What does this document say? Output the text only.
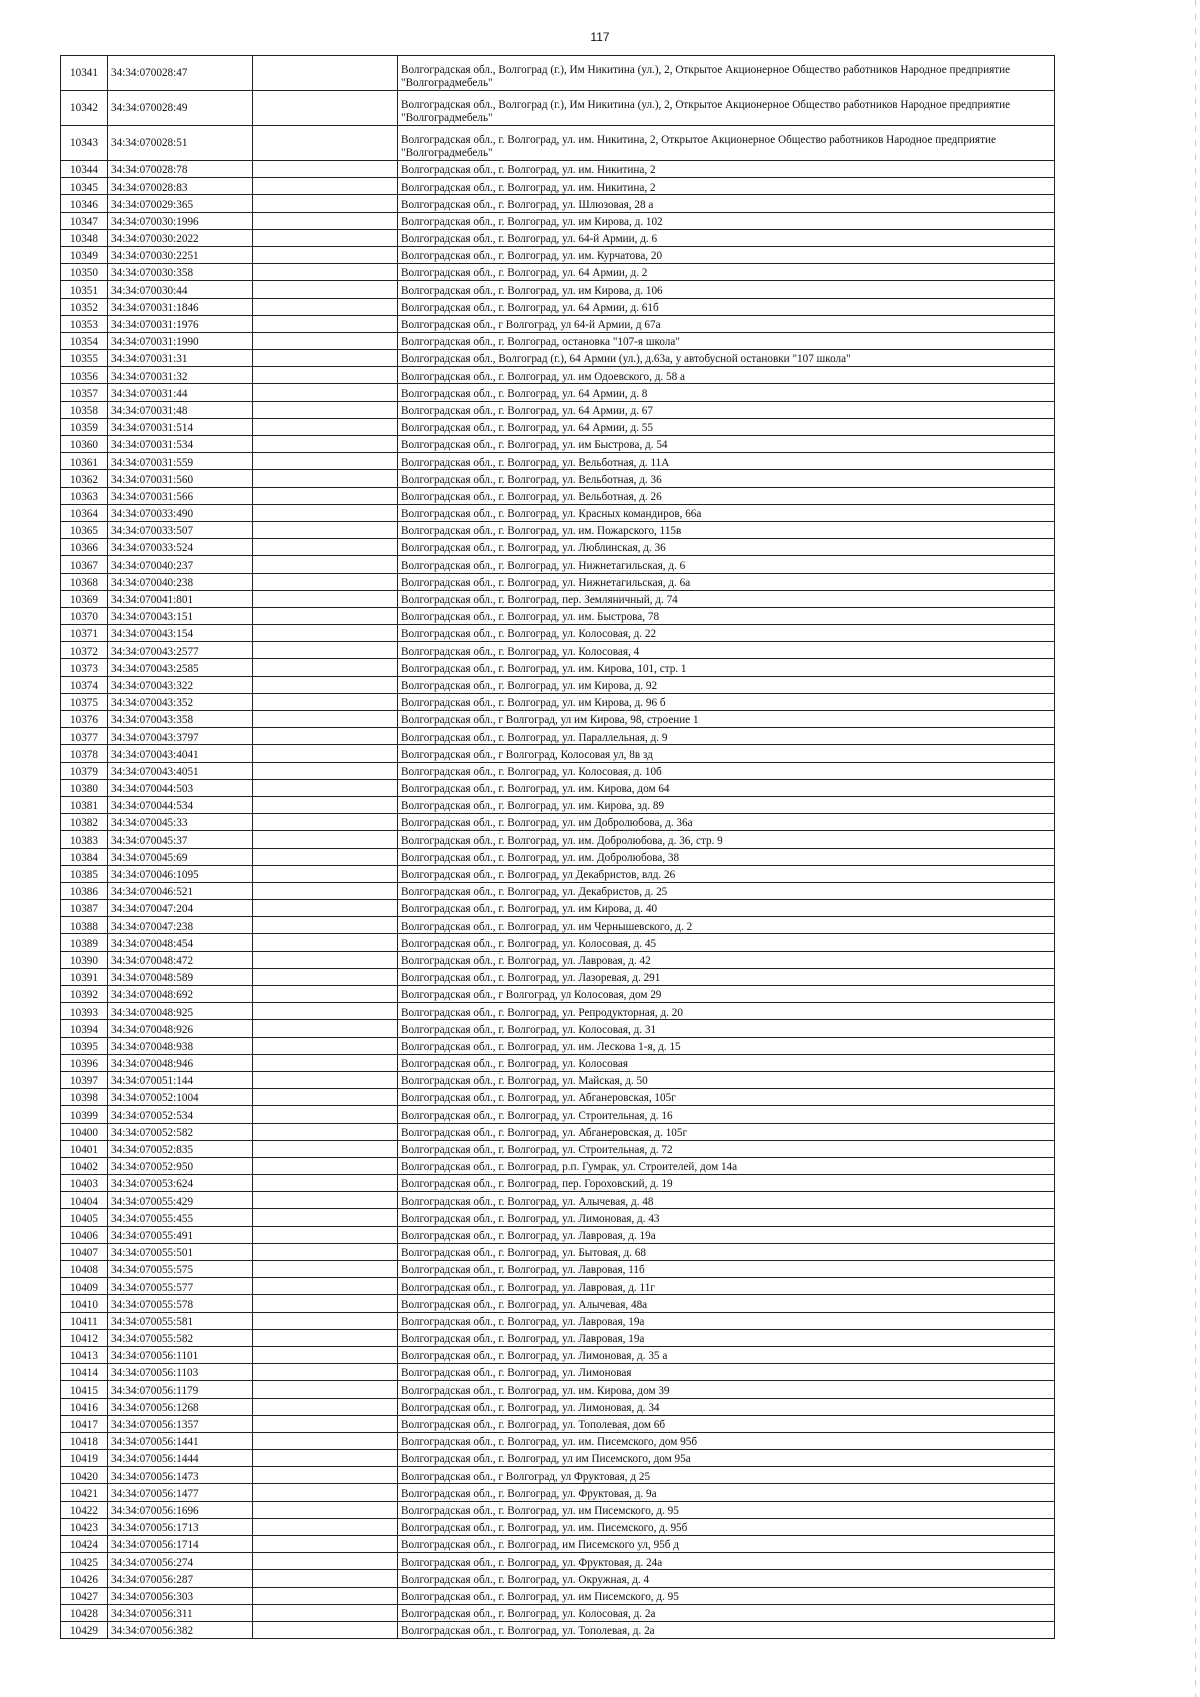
117
10341	34:34:070028:47		Волгоградская обл., Волгоград (г.), Им Никитина (ул.), 2, Открытое Акционерное Общество работников Народное предприятие "Волгоградмебель"
10342	34:34:070028:49		Волгоградская обл., Волгоград (г.), Им Никитина (ул.), 2, Открытое Акционерное Общество работников Народное предприятие "Волгоградмебель"
10343	34:34:070028:51		Волгоградская обл., г. Волгоград, ул. им. Никитина, 2, Открытое Акционерное Общество работников Народное предприятие "Волгоградмебель"
10344	34:34:070028:78		Волгоградская обл., г. Волгоград, ул. им. Никитина, 2
10345	34:34:070028:83		Волгоградская обл., г. Волгоград, ул. им. Никитина, 2
10346	34:34:070029:365		Волгоградская обл., г. Волгоград, ул. Шлюзовая, 28 а
10347	34:34:070030:1996		Волгоградская обл., г. Волгоград, ул. им Кирова, д. 102
10348	34:34:070030:2022		Волгоградская обл., г. Волгоград, ул. 64-й Армии, д. 6
10349	34:34:070030:2251		Волгоградская обл., г. Волгоград, ул. им. Курчатова, 20
10350	34:34:070030:358		Волгоградская обл., г. Волгоград, ул. 64 Армии, д. 2
10351	34:34:070030:44		Волгоградская обл., г. Волгоград, ул. им Кирова, д. 106
10352	34:34:070031:1846		Волгоградская обл., г. Волгоград, ул. 64 Армии, д. 61б
10353	34:34:070031:1976		Волгоградская обл., г Волгоград, ул 64-й Армии, д 67а
10354	34:34:070031:1990		Волгоградская обл., г. Волгоград, остановка "107-я школа"
10355	34:34:070031:31		Волгоградская обл., Волгоград (г.), 64 Армии (ул.), д.63а, у автобусной остановки "107 школа"
10356	34:34:070031:32		Волгоградская обл., г. Волгоград, ул. им Одоевского, д. 58 а
10357	34:34:070031:44		Волгоградская обл., г. Волгоград, ул. 64 Армии, д. 8
10358	34:34:070031:48		Волгоградская обл., г. Волгоград, ул. 64 Армии, д. 67
10359	34:34:070031:514		Волгоградская обл., г. Волгоград, ул. 64 Армии, д. 55
10360	34:34:070031:534		Волгоградская обл., г. Волгоград, ул. им Быстрова, д. 54
10361	34:34:070031:559		Волгоградская обл., г. Волгоград, ул. Вельботная, д. 11А
10362	34:34:070031:560		Волгоградская обл., г. Волгоград, ул. Вельботная, д. 36
10363	34:34:070031:566		Волгоградская обл., г. Волгоград, ул. Вельботная, д. 26
10364	34:34:070033:490		Волгоградская обл., г. Волгоград, ул. Красных командиров, 66а
10365	34:34:070033:507		Волгоградская обл., г. Волгоград, ул. им. Пожарского, 115в
10366	34:34:070033:524		Волгоградская обл., г. Волгоград, ул. Люблинская, д. 36
10367	34:34:070040:237		Волгоградская обл., г. Волгоград, ул. Нижнетагильская, д. 6
10368	34:34:070040:238		Волгоградская обл., г. Волгоград, ул. Нижнетагильская, д. 6а
10369	34:34:070041:801		Волгоградская обл., г. Волгоград, пер. Земляничный, д. 74
10370	34:34:070043:151		Волгоградская обл., г. Волгоград, ул. им. Быстрова, 78
10371	34:34:070043:154		Волгоградская обл., г. Волгоград, ул. Колосовая, д. 22
10372	34:34:070043:2577		Волгоградская обл., г. Волгоград, ул. Колосовая, 4
10373	34:34:070043:2585		Волгоградская обл., г. Волгоград, ул. им. Кирова, 101, стр. 1
10374	34:34:070043:322		Волгоградская обл., г. Волгоград, ул. им Кирова, д. 92
10375	34:34:070043:352		Волгоградская обл., г. Волгоград, ул. им Кирова, д. 96 б
10376	34:34:070043:358		Волгоградская обл., г Волгоград, ул им Кирова, 98, строение 1
10377	34:34:070043:3797		Волгоградская обл., г. Волгоград, ул. Параллельная, д. 9
10378	34:34:070043:4041		Волгоградская обл., г Волгоград, Колосовая ул, 8в зд
10379	34:34:070043:4051		Волгоградская обл., г. Волгоград, ул. Колосовая, д. 10б
10380	34:34:070044:503		Волгоградская обл., г. Волгоград, ул. им. Кирова, дом 64
10381	34:34:070044:534		Волгоградская обл., г. Волгоград, ул. им. Кирова, зд. 89
10382	34:34:070045:33		Волгоградская обл., г. Волгоград, ул. им Добролюбова, д. 36а
10383	34:34:070045:37		Волгоградская обл., г. Волгоград, ул. им. Добролюбова, д. 36, стр. 9
10384	34:34:070045:69		Волгоградская обл., г. Волгоград, ул. им. Добролюбова, 38
10385	34:34:070046:1095		Волгоградская обл., г. Волгоград, ул Декабристов, влд. 26
10386	34:34:070046:521		Волгоградская обл., г. Волгоград, ул. Декабристов, д. 25
10387	34:34:070047:204		Волгоградская обл., г. Волгоград, ул. им Кирова, д. 40
10388	34:34:070047:238		Волгоградская обл., г. Волгоград, ул. им Чернышевского, д. 2
10389	34:34:070048:454		Волгоградская обл., г. Волгоград, ул. Колосовая, д. 45
10390	34:34:070048:472		Волгоградская обл., г. Волгоград, ул. Лавровая, д. 42
10391	34:34:070048:589		Волгоградская обл., г. Волгоград, ул. Лазоревая, д. 291
10392	34:34:070048:692		Волгоградская обл., г Волгоград, ул Колосовая, дом 29
10393	34:34:070048:925		Волгоградская обл., г. Волгоград, ул. Репродукторная, д. 20
10394	34:34:070048:926		Волгоградская обл., г. Волгоград, ул. Колосовая, д. 31
10395	34:34:070048:938		Волгоградская обл., г. Волгоград, ул. им. Лескова 1-я, д. 15
10396	34:34:070048:946		Волгоградская обл., г. Волгоград, ул. Колосовая
10397	34:34:070051:144		Волгоградская обл., г. Волгоград, ул. Майская, д. 50
10398	34:34:070052:1004		Волгоградская обл., г. Волгоград, ул. Абганеровская, 105г
10399	34:34:070052:534		Волгоградская обл., г. Волгоград, ул. Строительная, д. 16
10400	34:34:070052:582		Волгоградская обл., г. Волгоград, ул. Абганеровская, д. 105г
10401	34:34:070052:835		Волгоградская обл., г. Волгоград, ул. Строительная, д. 72
10402	34:34:070052:950		Волгоградская обл., г. Волгоград, р.п. Гумрак, ул. Строителей, дом 14а
10403	34:34:070053:624		Волгоградская обл., г. Волгоград, пер. Гороховский, д. 19
10404	34:34:070055:429		Волгоградская обл., г. Волгоград, ул. Алычевая, д. 48
10405	34:34:070055:455		Волгоградская обл., г. Волгоград, ул. Лимоновая, д. 43
10406	34:34:070055:491		Волгоградская обл., г. Волгоград, ул. Лавровая, д. 19а
10407	34:34:070055:501		Волгоградская обл., г. Волгоград, ул. Бытовая, д. 68
10408	34:34:070055:575		Волгоградская обл., г. Волгоград, ул. Лавровая, 11б
10409	34:34:070055:577		Волгоградская обл., г. Волгоград, ул. Лавровая, д. 11г
10410	34:34:070055:578		Волгоградская обл., г. Волгоград, ул. Алычевая, 48а
10411	34:34:070055:581		Волгоградская обл., г. Волгоград, ул. Лавровая, 19а
10412	34:34:070055:582		Волгоградская обл., г. Волгоград, ул. Лавровая, 19а
10413	34:34:070056:1101		Волгоградская обл., г. Волгоград, ул. Лимоновая, д. 35 а
10414	34:34:070056:1103		Волгоградская обл., г. Волгоград, ул. Лимоновая
10415	34:34:070056:1179		Волгоградская обл., г. Волгоград, ул. им. Кирова, дом 39
10416	34:34:070056:1268		Волгоградская обл., г. Волгоград, ул. Лимоновая, д. 34
10417	34:34:070056:1357		Волгоградская обл., г. Волгоград, ул. Тополевая, дом 6б
10418	34:34:070056:1441		Волгоградская обл., г. Волгоград, ул. им. Писемского, дом 95б
10419	34:34:070056:1444		Волгоградская обл., г. Волгоград, ул им Писемского, дом 95а
10420	34:34:070056:1473		Волгоградская обл., г Волгоград, ул Фруктовая, д 25
10421	34:34:070056:1477		Волгоградская обл., г. Волгоград, ул. Фруктовая, д. 9а
10422	34:34:070056:1696		Волгоградская обл., г. Волгоград, ул. им Писемского, д. 95
10423	34:34:070056:1713		Волгоградская обл., г. Волгоград, ул. им. Писемского, д. 95б
10424	34:34:070056:1714		Волгоградская обл., г. Волгоград, им Писемского ул, 95б д
10425	34:34:070056:274		Волгоградская обл., г. Волгоград, ул. Фруктовая, д. 24а
10426	34:34:070056:287		Волгоградская обл., г. Волгоград, ул. Окружная, д. 4
10427	34:34:070056:303		Волгоградская обл., г. Волгоград, ул. им Писемского, д. 95
10428	34:34:070056:311		Волгоградская обл., г. Волгоград, ул. Колосовая, д. 2а
10429	34:34:070056:382		Волгоградская обл., г. Волгоград, ул. Тополевая, д. 2а
